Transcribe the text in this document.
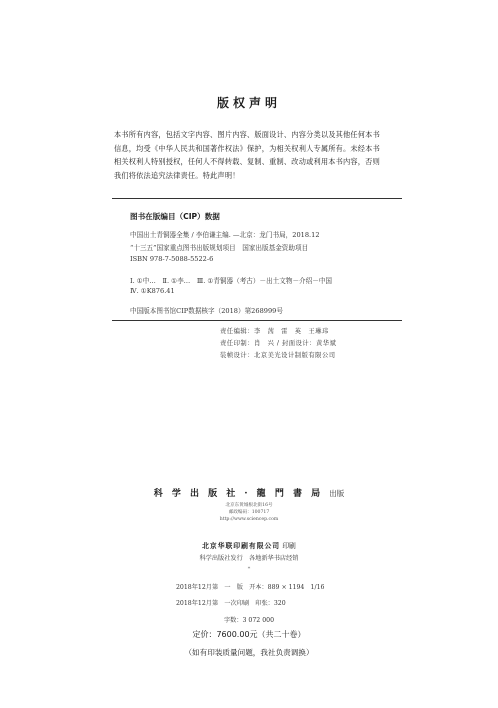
版权声明

本书所有内容，包括文字内容、图片内容、版面设计、内容分类以及其他任何本书信息，均受《中华人民共和国著作权法》保护，为相关权利人专属所有。未经本书相关权利人特别授权，任何人不得转载、复制、重制、改动或利用本书内容，否则我们将依法追究法律责任。特此声明！

图书在版编目（CIP）数据
中国出土青铜器全集 / 李伯谦主编. —北京：龙门书局，2018.12
“十三五”国家重点图书出版规划项目　国家出版基金资助项目
ISBN 978-7-5088-5522-6
Ⅰ. ①中…　Ⅱ. ①李…　Ⅲ. ①青铜器（考古）－出土文物－介绍－中国
Ⅳ. ①K876.41
中国版本图书馆CIP数据核字（2018）第268999号
责任编辑：李　茜　雷　英　王琳玮
责任印制：肖　兴 / 封面设计：黄华斌
装帧设计：北京美光设计制版有限公司
科 学 出 版 社 · 龍 門 書 局 出版
北京东黄城根北街16号
邮政编码：100717
http://www.sciencep.com
北京华联印刷有限公司 印刷
科学出版社发行　各地新华书店经销
*
2018年12月第　一　版　开本：889 × 1194　1/16
2018年12月第　一次印刷　印张：320
字数：3 072 000
定价：7600.00元（共二十卷）
（如有印装质量问题，我社负责调换）
